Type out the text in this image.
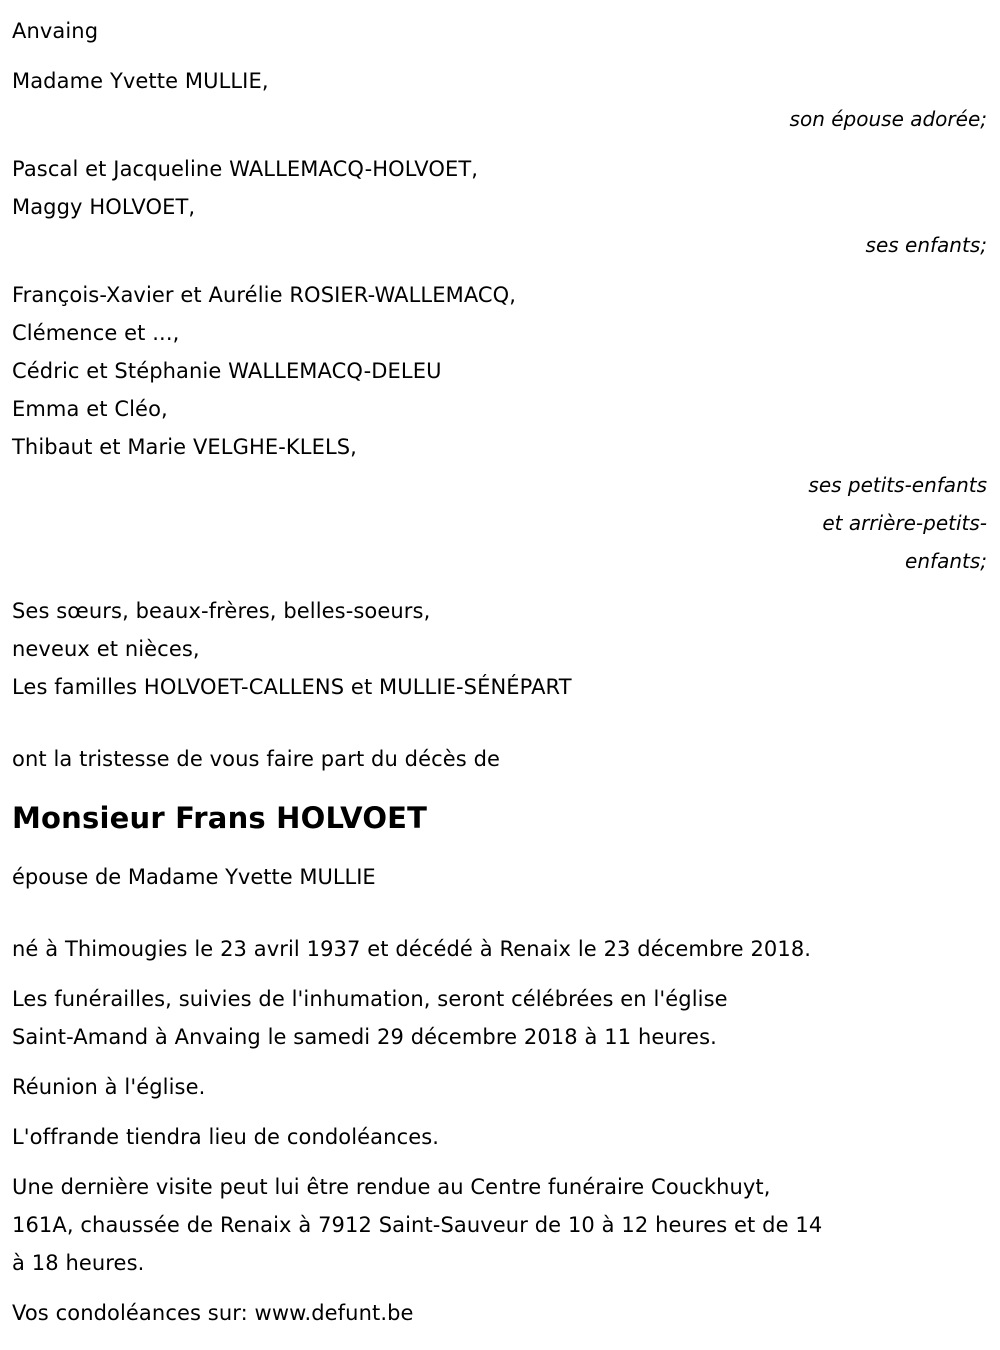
Anvaing
Madame Yvette MULLIE,
son épouse adorée;
Pascal et Jacqueline WALLEMACQ-HOLVOET,
Maggy HOLVOET,
ses enfants;
François-Xavier et Aurélie ROSIER-WALLEMACQ,
Clémence et ...,
Cédric et Stéphanie WALLEMACQ-DELEU
Emma et Cléo,
Thibaut et Marie VELGHE-KLELS,
ses petits-enfants
et arrière-petits-
enfants;
Ses sœurs, beaux-frères, belles-soeurs,
neveux et nièces,
Les familles HOLVOET-CALLENS et MULLIE-SÉNÉPART
ont la tristesse de vous faire part du décès de
Monsieur Frans HOLVOET
épouse de Madame Yvette MULLIE
né à Thimougies le 23 avril 1937 et décédé à Renaix le 23 décembre 2018.
Les funérailles, suivies de l'inhumation, seront célébrées en l'église
Saint-Amand à Anvaing le samedi 29 décembre 2018 à 11 heures.
Réunion à l'église.
L'offrande tiendra lieu de condoléances.
Une dernière visite peut lui être rendue au Centre funéraire Couckhuyt,
161A, chaussée de Renaix à 7912 Saint-Sauveur de 10 à 12 heures et de 14
à 18 heures.
Vos condoléances sur: www.defunt.be
